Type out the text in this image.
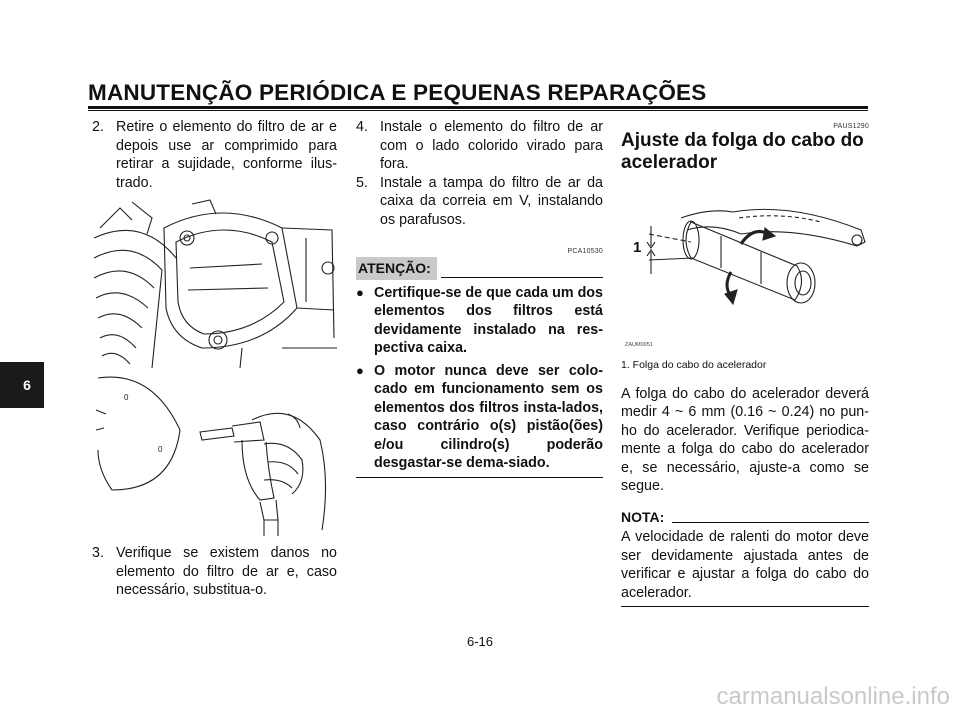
MANUTENÇÃO PERIÓDICA E PEQUENAS REPARAÇÕES
6
2. Retire o elemento do filtro de ar e depois use ar comprimido para retirar a sujidade, conforme ilus-trado.
0
0
3. Verifique se existem danos no elemento do filtro de ar e, caso necessário, substitua-o.
4. Instale o elemento do filtro de ar com o lado colorido virado para fora.
5. Instale a tampa do filtro de ar da caixa da correia em V, instalando os parafusos.
PCA10530
ATENÇÃO:
● Certifique-se de que cada um dos elementos dos filtros está devidamente instalado na res-pectiva caixa.
● O motor nunca deve ser colo-cado em funcionamento sem os elementos dos filtros insta-lados, caso contrário o(s) pistão(ões) e/ou cilindro(s) poderão desgastar-se dema-siado.
PAUS1290
Ajuste da folga do cabo do acelerador
1
ZAUM0051
1. Folga do cabo do acelerador
A folga do cabo do acelerador deverá medir 4 ~ 6 mm (0.16 ~ 0.24) no pun-ho do acelerador. Verifique periodica-mente a folga do cabo do acelerador e, se necessário, ajuste-a como se segue.
NOTA:
A velocidade de ralenti do motor deve ser devidamente ajustada antes de verificar e ajustar a folga do cabo do acelerador.
6-16
carmanualsonline.info
